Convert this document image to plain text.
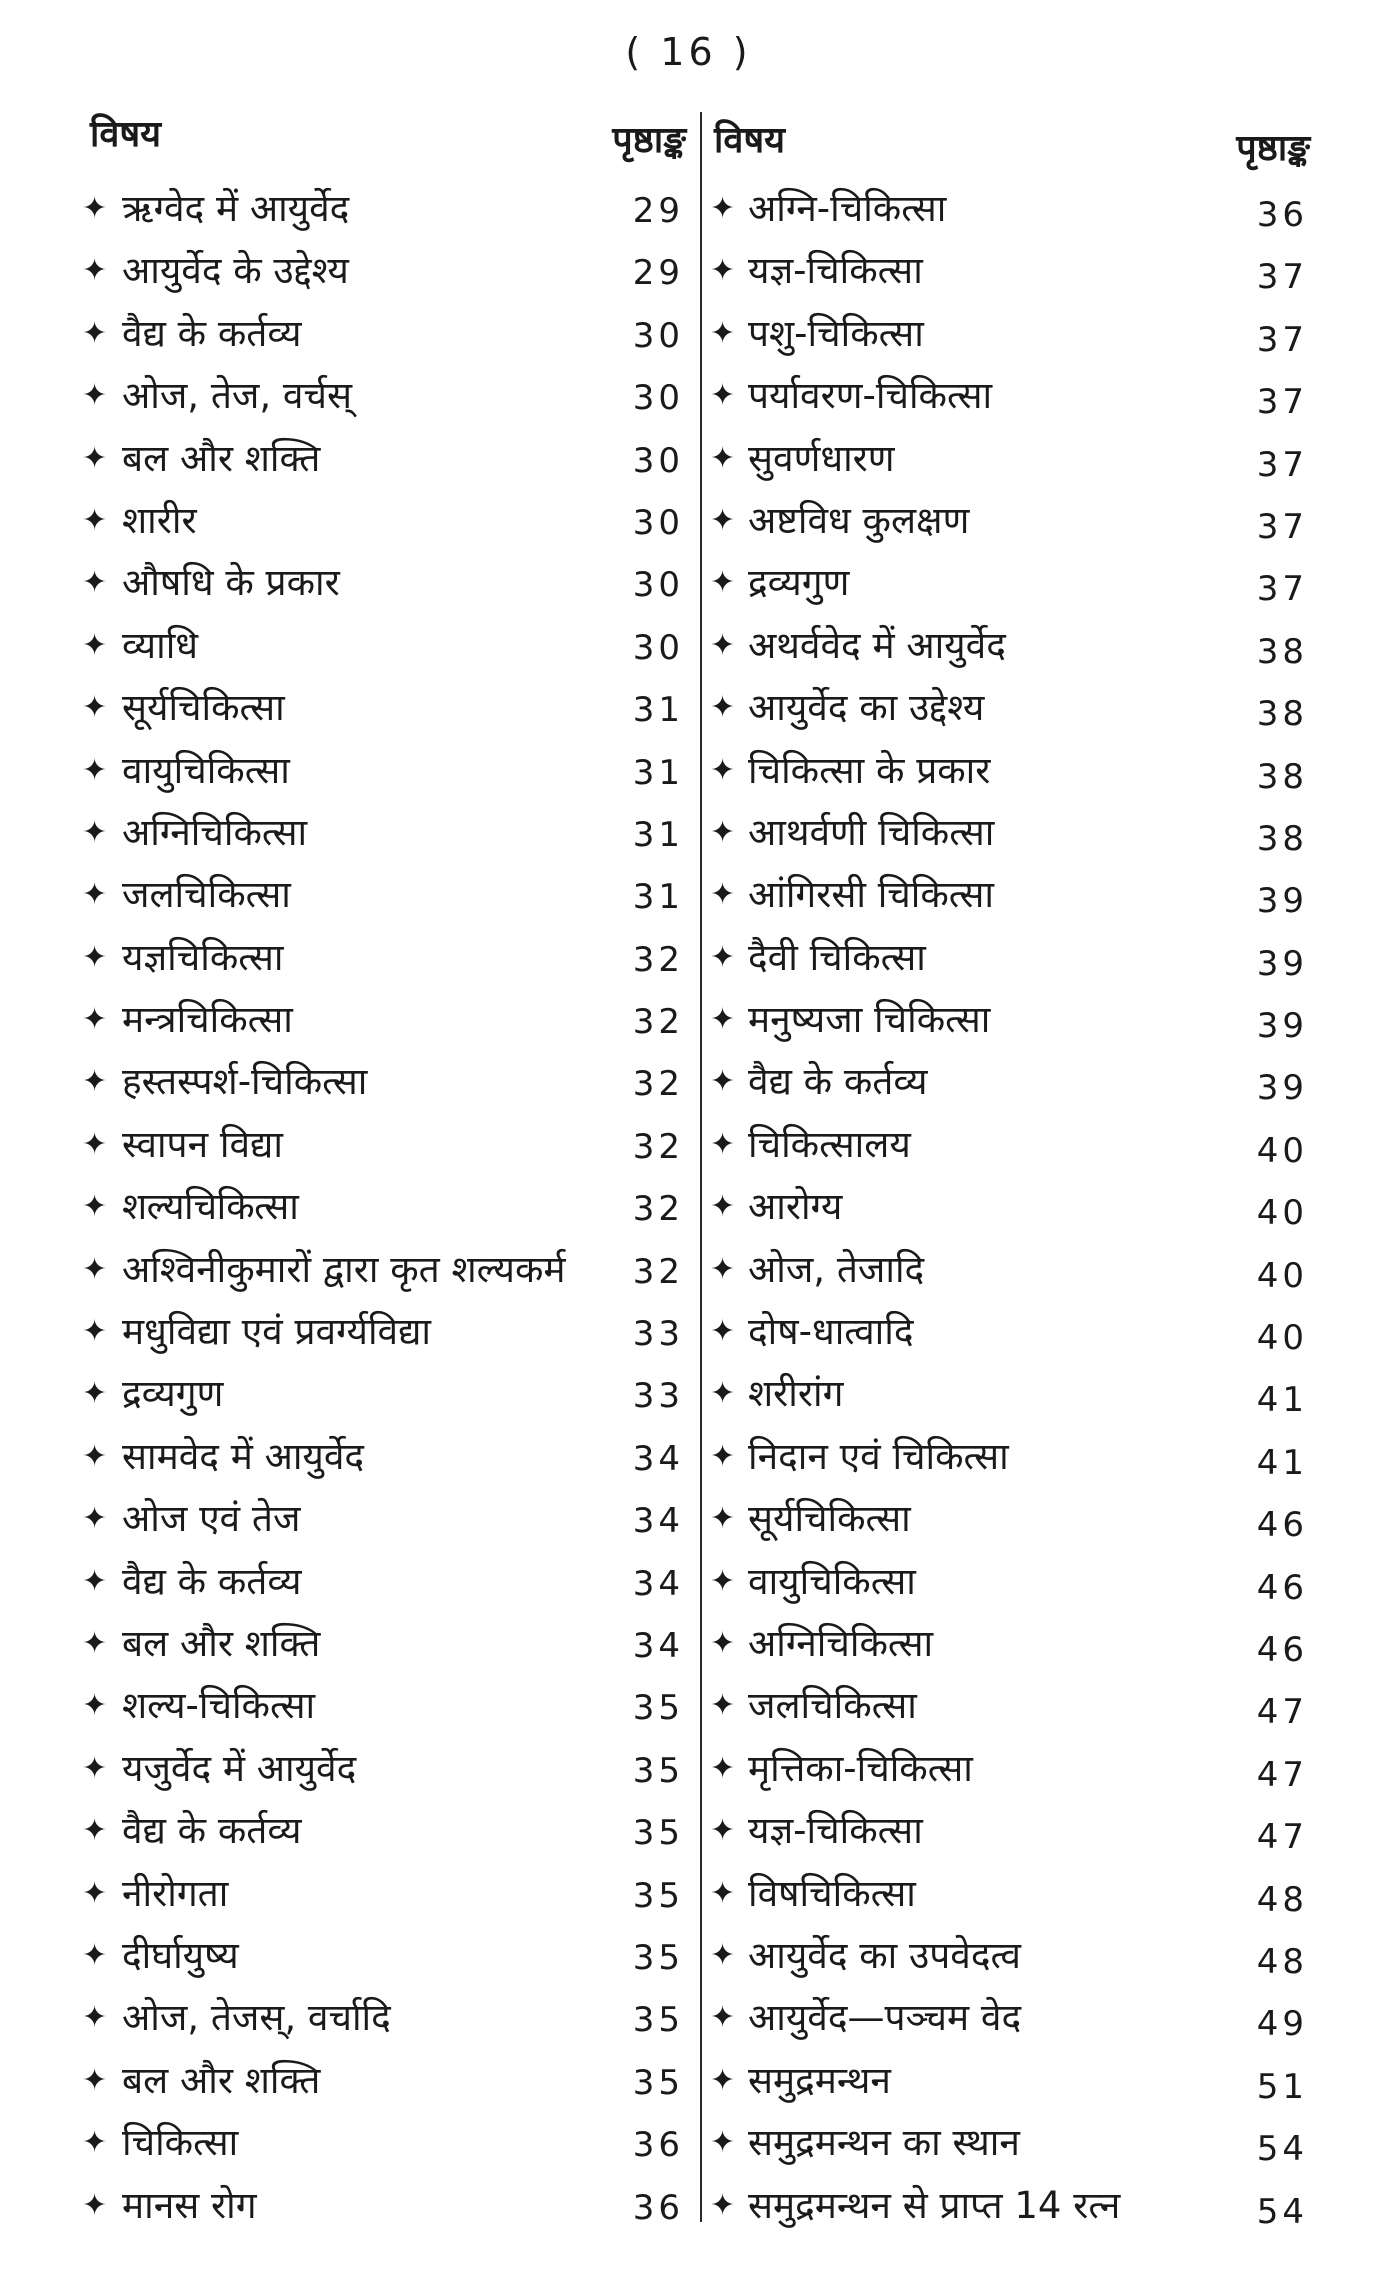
( 16 )
विषय	पृष्ठाङ्क
✦ ऋग्वेद में आयुर्वेद	29
✦ आयुर्वेद के उद्देश्य	29
✦ वैद्य के कर्तव्य	30
✦ ओज, तेज, वर्चस्	30
✦ बल और शक्ति	30
✦ शारीर	30
✦ औषधि के प्रकार	30
✦ व्याधि	30
✦ सूर्यचिकित्सा	31
✦ वायुचिकित्सा	31
✦ अग्निचिकित्सा	31
✦ जलचिकित्सा	31
✦ यज्ञचिकित्सा	32
✦ मन्त्रचिकित्सा	32
✦ हस्तस्पर्श-चिकित्सा	32
✦ स्वापन विद्या	32
✦ शल्यचिकित्सा	32
✦ अश्विनीकुमारों द्वारा कृत शल्यकर्म 32
✦ मधुविद्या एवं प्रवर्ग्यविद्या	33
✦ द्रव्यगुण	33
✦ सामवेद में आयुर्वेद	34
✦ ओज एवं तेज	34
✦ वैद्य के कर्तव्य	34
✦ बल और शक्ति	34
✦ शल्य-चिकित्सा	35
✦ यजुर्वेद में आयुर्वेद	35
✦ वैद्य के कर्तव्य	35
✦ नीरोगता	35
✦ दीर्घायुष्य	35
✦ ओज, तेजस्, वर्चादि	35
✦ बल और शक्ति	35
✦ चिकित्सा	36
✦ मानस रोग	36
विषय	पृष्ठाङ्क
✦ अग्नि-चिकित्सा	36
✦ यज्ञ-चिकित्सा	37
✦ पशु-चिकित्सा	37
✦ पर्यावरण-चिकित्सा	37
✦ सुवर्णधारण	37
✦ अष्टविध कुलक्षण	37
✦ द्रव्यगुण	37
✦ अथर्ववेद में आयुर्वेद	38
✦ आयुर्वेद का उद्देश्य	38
✦ चिकित्सा के प्रकार	38
✦ आथर्वणी चिकित्सा	38
✦ आंगिरसी चिकित्सा	39
✦ दैवी चिकित्सा	39
✦ मनुष्यजा चिकित्सा	39
✦ वैद्य के कर्तव्य	39
✦ चिकित्सालय	40
✦ आरोग्य	40
✦ ओज, तेजादि	40
✦ दोष-धात्वादि	40
✦ शरीरांग	41
✦ निदान एवं चिकित्सा	41
✦ सूर्यचिकित्सा	46
✦ वायुचिकित्सा	46
✦ अग्निचिकित्सा	46
✦ जलचिकित्सा	47
✦ मृत्तिका-चिकित्सा	47
✦ यज्ञ-चिकित्सा	47
✦ विषचिकित्सा	48
✦ आयुर्वेद का उपवेदत्व	48
✦ आयुर्वेद—पञ्चम वेद	49
✦ समुद्रमन्थन	51
✦ समुद्रमन्थन का स्थान	54
✦ समुद्रमन्थन से प्राप्त 14 रत्न	54
